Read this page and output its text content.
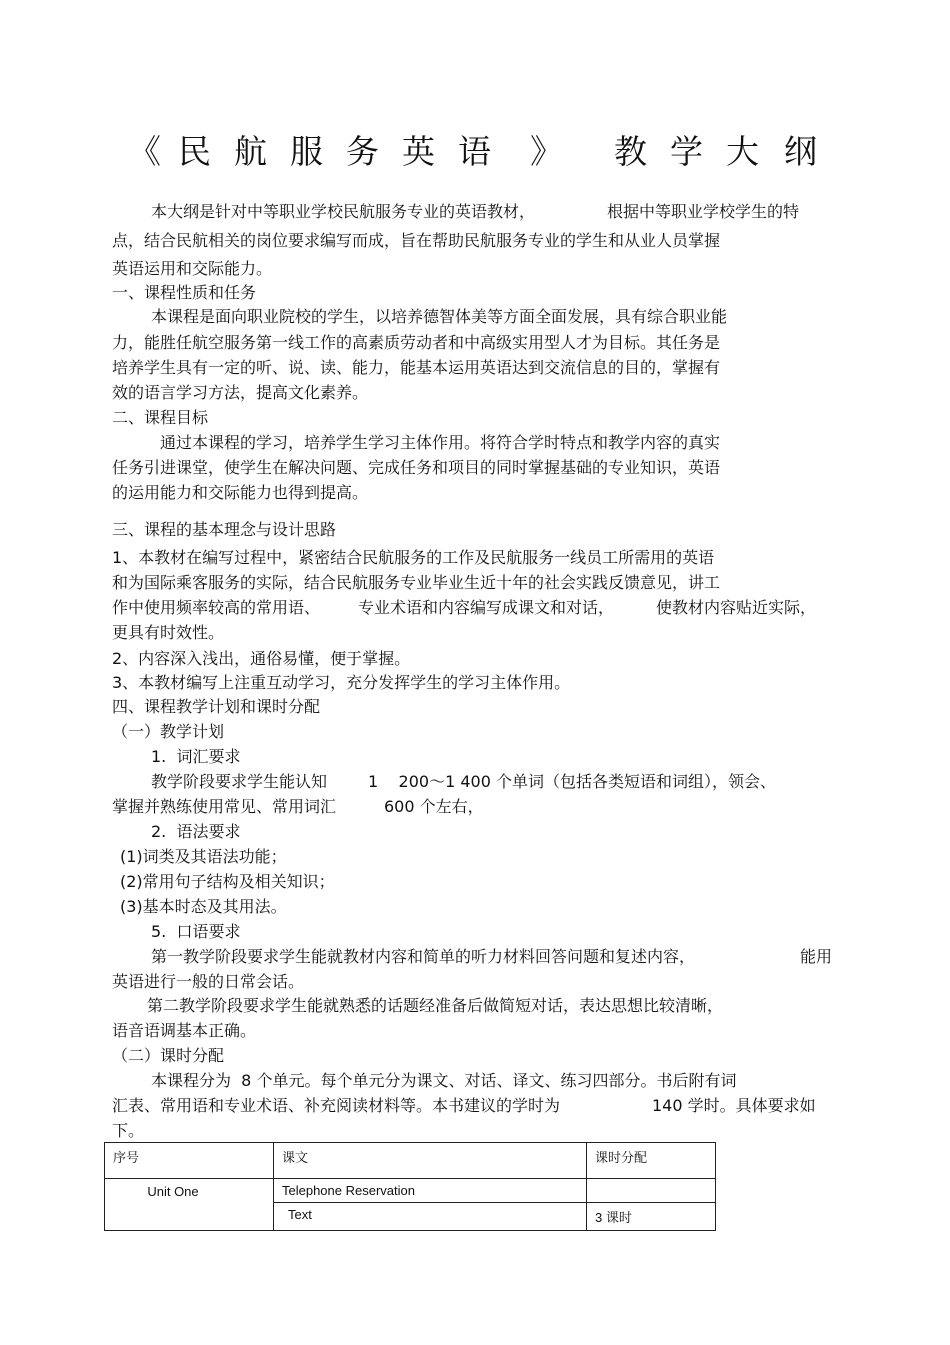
《 民 航 服 务 英 语 》 教 学 大 纲
本大纲是针对中等职业学校民航服务专业的英语教材，	根据中等职业学校学生的特
点，结合民航相关的岗位要求编写而成，旨在帮助民航服务专业的学生和从业人员掌握
英语运用和交际能力。
一、课程性质和任务
本课程是面向职业院校的学生，以培养德智体美等方面全面发展，具有综合职业能
力，能胜任航空服务第一线工作的高素质劳动者和中高级实用型人才为目标。其任务是
培养学生具有一定的听、说、读、能力，能基本运用英语达到交流信息的目的，掌握有
效的语言学习方法，提高文化素养。
二、课程目标
通过本课程的学习，培养学生学习主体作用。将符合学时特点和教学内容的真实
任务引进课堂，使学生在解决问题、完成任务和项目的同时掌握基础的专业知识，英语
的运用能力和交际能力也得到提高。
三、课程的基本理念与设计思路
1、本教材在编写过程中，紧密结合民航服务的工作及民航服务一线员工所需用的英语
和为国际乘客服务的实际，结合民航服务专业毕业生近十年的社会实践反馈意见，讲工
作中使用频率较高的常用语、 专业术语和内容编写成课文和对话，	使教材内容贴近实际，
更具有时效性。
2、内容深入浅出，通俗易懂，便于掌握。
3、本教材编写上注重互动学习，充分发挥学生的学习主体作用。
四、课程教学计划和课时分配
（一）教学计划
1.  词汇要求
教学阶段要求学生能认知	1    200～1 400 个单词（包括各类短语和词组），领会、
掌握并熟练使用常见、常用词汇	600 个左右，
2.  语法要求
(1)词类及其语法功能；
(2)常用句子结构及相关知识；
(3)基本时态及其用法。
5.  口语要求
第一教学阶段要求学生能就教材内容和简单的听力材料回答问题和复述内容，	能用
英语进行一般的日常会话。
第二教学阶段要求学生能就熟悉的话题经准备后做简短对话，表达思想比较清晰，
语音语调基本正确。
（二）课时分配
本课程分为  8 个单元。每个单元分为课文、对话、译文、练习四部分。书后附有词
汇表、常用语和专业术语、补充阅读材料等。本书建议的学时为	140 学时。具体要求如
下。
序号	课文	课时分配

Unit One	Telephone Reservation	

	Text	3 课时
